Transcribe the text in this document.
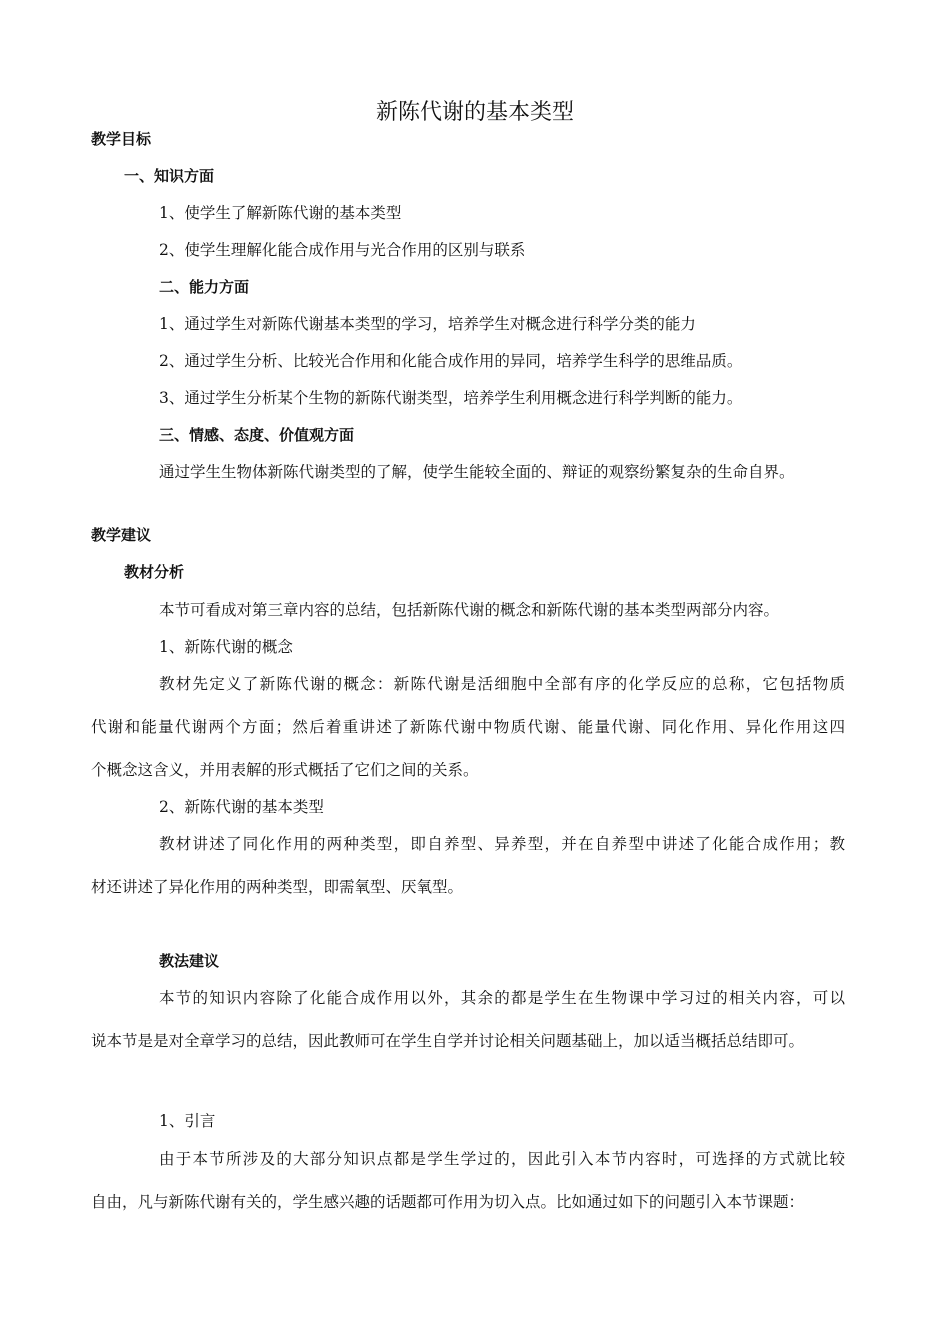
新陈代谢的基本类型
教学目标
一、知识方面
1、使学生了解新陈代谢的基本类型
2、使学生理解化能合成作用与光合作用的区别与联系
二、能力方面
1、通过学生对新陈代谢基本类型的学习，培养学生对概念进行科学分类的能力
2、通过学生分析、比较光合作用和化能合成作用的异同，培养学生科学的思维品质。
3、通过学生分析某个生物的新陈代谢类型，培养学生利用概念进行科学判断的能力。
三、情感、态度、价值观方面
通过学生生物体新陈代谢类型的了解，使学生能较全面的、辩证的观察纷繁复杂的生命自界。
教学建议
教材分析
本节可看成对第三章内容的总结，包括新陈代谢的概念和新陈代谢的基本类型两部分内容。
1、新陈代谢的概念
教材先定义了新陈代谢的概念：新陈代谢是活细胞中全部有序的化学反应的总称，它包括物质
代谢和能量代谢两个方面；然后着重讲述了新陈代谢中物质代谢、能量代谢、同化作用、异化作用这四
个概念这含义，并用表解的形式概括了它们之间的关系。
2、新陈代谢的基本类型
教材讲述了同化作用的两种类型，即自养型、异养型，并在自养型中讲述了化能合成作用；教
材还讲述了异化作用的两种类型，即需氧型、厌氧型。
教法建议
本节的知识内容除了化能合成作用以外，其余的都是学生在生物课中学习过的相关内容，可以
说本节是是对全章学习的总结，因此教师可在学生自学并讨论相关问题基础上，加以适当概括总结即可。
1、引言
由于本节所涉及的大部分知识点都是学生学过的，因此引入本节内容时，可选择的方式就比较
自由，凡与新陈代谢有关的，学生感兴趣的话题都可作用为切入点。比如通过如下的问题引入本节课题：
